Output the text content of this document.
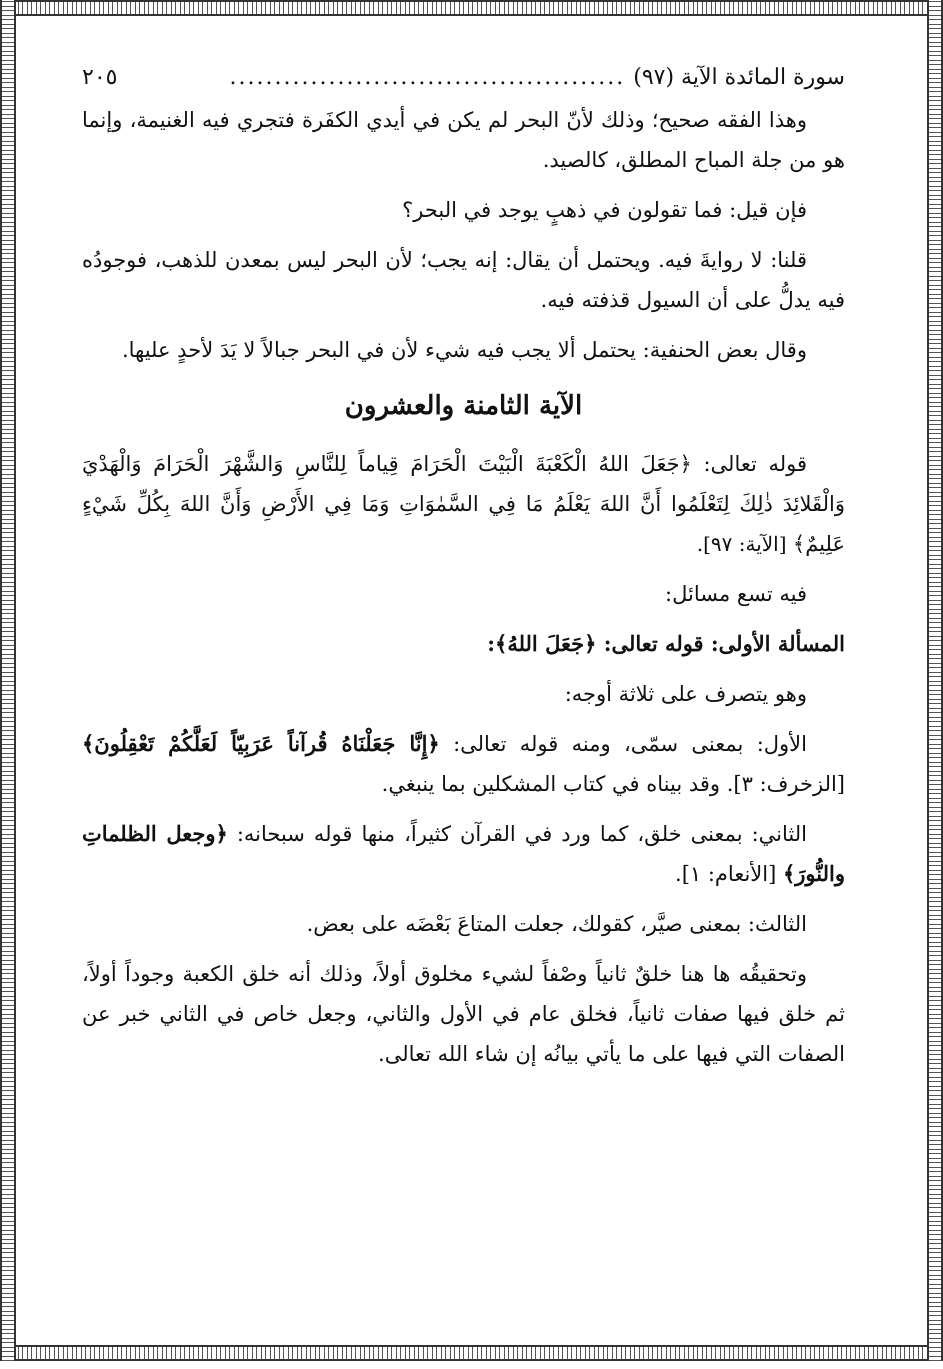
سورة المائدة الآية (٩٧)
............................................
٢٠٥

وهذا الفقه صحيح؛ وذلك لأنّ البحر لم يكن في أيدي الكفَرة فتجري فيه الغنيمة، وإنما هو من جلة المباح المطلق، كالصيد.

فإن قيل: فما تقولون في ذهبٍ يوجد في البحر؟

قلنا: لا روايةَ فيه. ويحتمل أن يقال: إنه يجب؛ لأن البحر ليس بمعدن للذهب، فوجودُه فيه يدلُّ على أن السيول قذفته فيه.

وقال بعض الحنفية: يحتمل ألا يجب فيه شيء لأن في البحر جبالاً لا يَدَ لأحدٍ عليها.

الآية الثامنة والعشرون

قوله تعالى: ﴿جَعَلَ اللهُ الْكَعْبَةَ الْبَيْتَ الْحَرَامَ قِياماً لِلنَّاسِ وَالشَّهْرَ الْحَرَامَ وَالْهَدْيَ وَالْقَلائِدَ ذٰلِكَ لِتَعْلَمُوا أَنَّ اللهَ يَعْلَمُ مَا فِي السَّمٰوَاتِ وَمَا فِي الأَرْضِ وَأَنَّ اللهَ بِكُلِّ شَيْءٍ عَلِيمٌ﴾ [الآية: ٩٧].

فيه تسع مسائل:

المسألة الأولى: قوله تعالى: ﴿جَعَلَ اللهُ﴾:

وهو يتصرف على ثلاثة أوجه:

الأول: بمعنى سمّى، ومنه قوله تعالى: ﴿إِنَّا جَعَلْنَاهُ قُرآناً عَرَبِيّاً لَعَلَّكُمْ تَعْقِلُونَ﴾ [الزخرف: ٣]. وقد بيناه في كتاب المشكلين بما ينبغي.

الثاني: بمعنى خلق، كما ورد في القرآن كثيراً، منها قوله سبحانه: ﴿وجعل الظلماتِ والنُّورَ﴾ [الأنعام: ١].

الثالث: بمعنى صيَّر، كقولك، جعلت المتاعَ بَعْضَه على بعض.

وتحقيقُه ها هنا خلقٌ ثانياً وصْفاً لشيء مخلوق أولاً، وذلك أنه خلق الكعبة وجوداً أولاً، ثم خلق فيها صفات ثانياً، فخلق عام في الأول والثاني، وجعل خاص في الثاني خبر عن الصفات التي فيها على ما يأتي بيانُه إن شاء الله تعالى.
